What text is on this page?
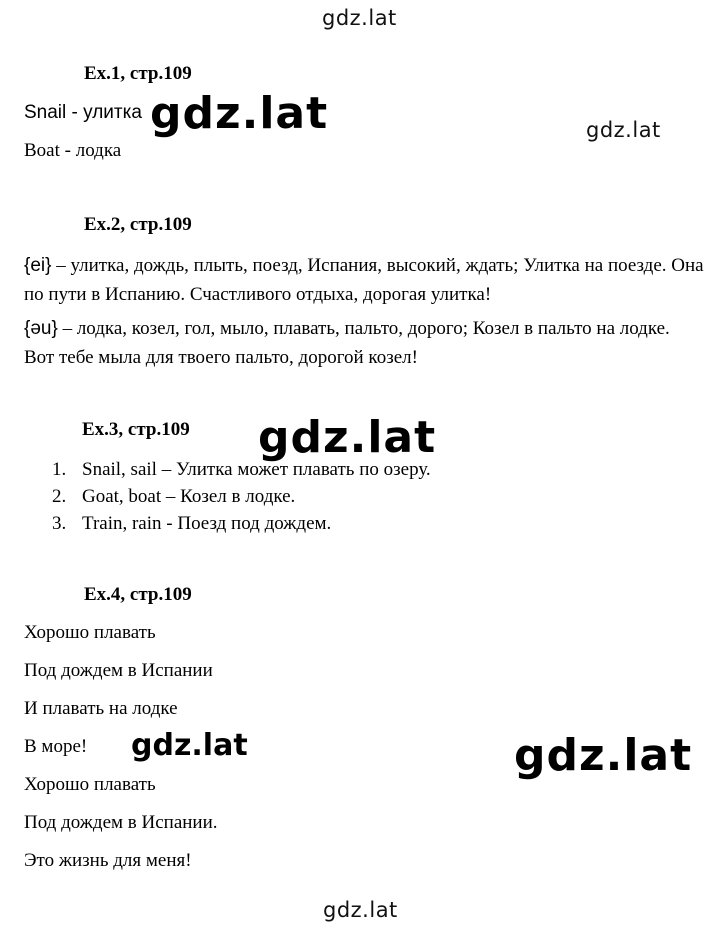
gdz.lat
gdz.lat
gdz.lat
gdz.lat
gdz.lat
gdz.lat	gdz.lat
Ex.1, стр.109
Snail - улитка
Boat - лодка
Ex.2, стр.109
{ei} – улитка, дождь, плыть, поезд, Испания, высокий, ждать; Улитка на поезде. Она по пути в Испанию. Счастливого отдыха, дорогая улитка!
{əu} – лодка, козел, гол, мыло, плавать, пальто, дорого; Козел в пальто на лодке. Вот тебе мыла для твоего пальто, дорогой козел!
Ex.3, стр.109
1. Snail, sail – Улитка может плавать по озеру.
2. Goat, boat – Козел в лодке.
3. Train, rain - Поезд под дождем.
Ex.4, стр.109
Хорошо плавать
Под дождем в Испании
И плавать на лодке
В море!
Хорошо плавать
Под дождем в Испании.
Это жизнь для меня!
